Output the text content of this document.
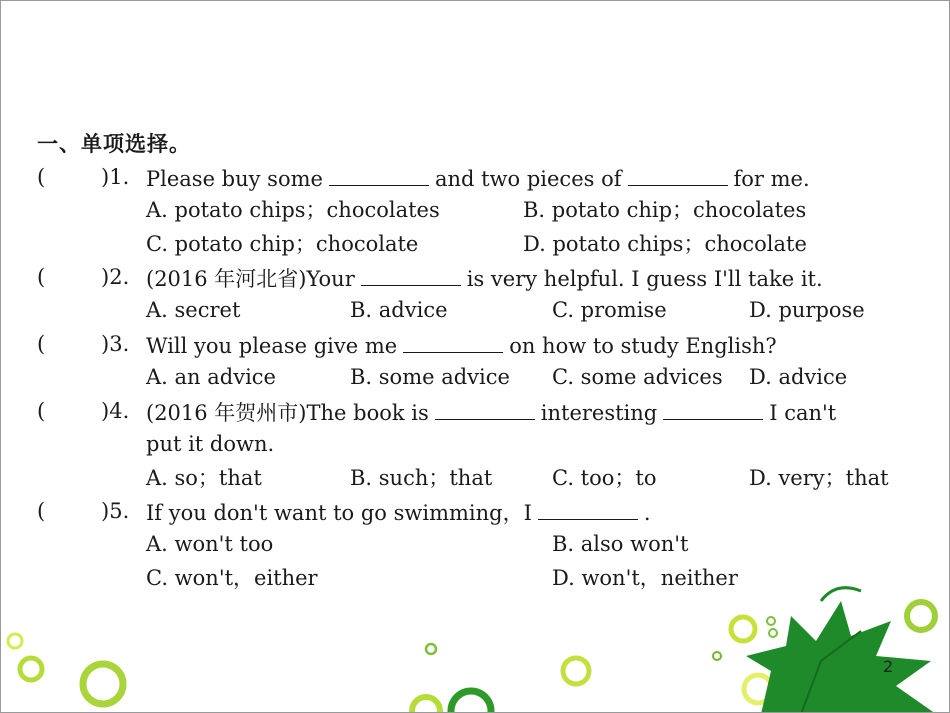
一、单项选择。
(	)1. Please buy some	and two pieces of	for me.
A. potato chips；chocolates	B. potato chip；chocolates
C. potato chip；chocolate	D. potato chips；chocolate
(	)2. (2016 年河北省)Your	is very helpful. I guess I'll take it.
A. secret	B. advice	C. promise	D. purpose
(	)3. Will you please give me	on how to study English?
A. an advice	B. some advice C. some advices D. advice
(	)4. (2016 年贺州市)The book is	interesting	I can't
put it down.
A. so；that	B. such；that	C. too；to	D. very；that
(	)5. If you don't want to go swimming，I	.
A. won't too	B. also won't
C. won't，either	D. won't，neither
2
